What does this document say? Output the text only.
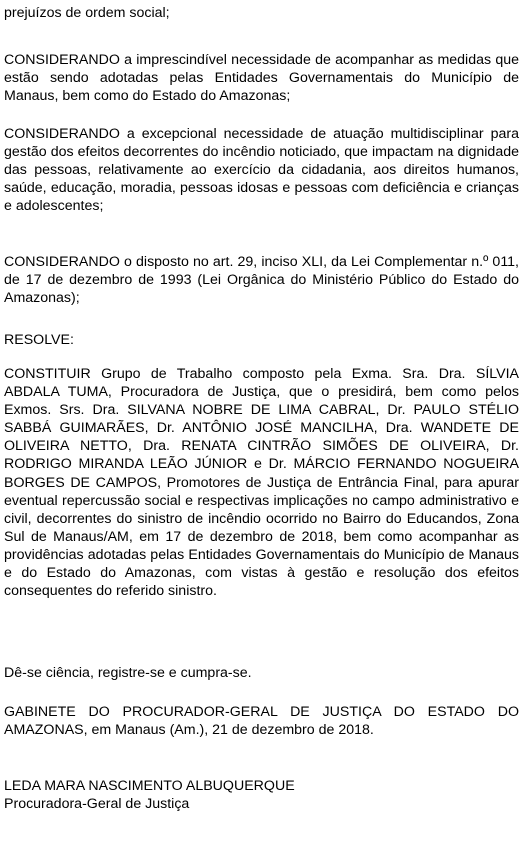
prejuízos de ordem social;

CONSIDERANDO a imprescindível necessidade de acompanhar as medidas que estão sendo adotadas pelas Entidades Governamentais do Município de Manaus, bem como do Estado do Amazonas;

CONSIDERANDO a excepcional necessidade de atuação multidisciplinar para gestão dos efeitos decorrentes do incêndio noticiado, que impactam na dignidade das pessoas, relativamente ao exercício da cidadania, aos direitos humanos, saúde, educação, moradia, pessoas idosas e pessoas com deficiência e crianças e adolescentes;

CONSIDERANDO o disposto no art. 29, inciso XLI, da Lei Complementar n.º 011, de 17 de dezembro de 1993 (Lei Orgânica do Ministério Público do Estado do Amazonas);

RESOLVE:

CONSTITUIR Grupo de Trabalho composto pela Exma. Sra. Dra. SÍLVIA ABDALA TUMA, Procuradora de Justiça, que o presidirá, bem como pelos Exmos. Srs. Dra. SILVANA NOBRE DE LIMA CABRAL, Dr. PAULO STÉLIO SABBÁ GUIMARÃES, Dr. ANTÔNIO JOSÉ MANCILHA, Dra. WANDETE DE OLIVEIRA NETTO, Dra. RENATA CINTRÃO SIMÕES DE OLIVEIRA, Dr. RODRIGO MIRANDA LEÃO JÚNIOR e Dr. MÁRCIO FERNANDO NOGUEIRA BORGES DE CAMPOS, Promotores de Justiça de Entrância Final, para apurar eventual repercussão social e respectivas implicações no campo administrativo e civil, decorrentes do sinistro de incêndio ocorrido no Bairro do Educandos, Zona Sul de Manaus/AM, em 17 de dezembro de 2018, bem como acompanhar as providências adotadas pelas Entidades Governamentais do Município de Manaus e do Estado do Amazonas, com vistas à gestão e resolução dos efeitos consequentes do referido sinistro.

Dê-se ciência, registre-se e cumpra-se.

GABINETE DO PROCURADOR-GERAL DE JUSTIÇA DO ESTADO DO AMAZONAS, em Manaus (Am.), 21 de dezembro de 2018.

LEDA MARA NASCIMENTO ALBUQUERQUE

Procuradora-Geral de Justiça
